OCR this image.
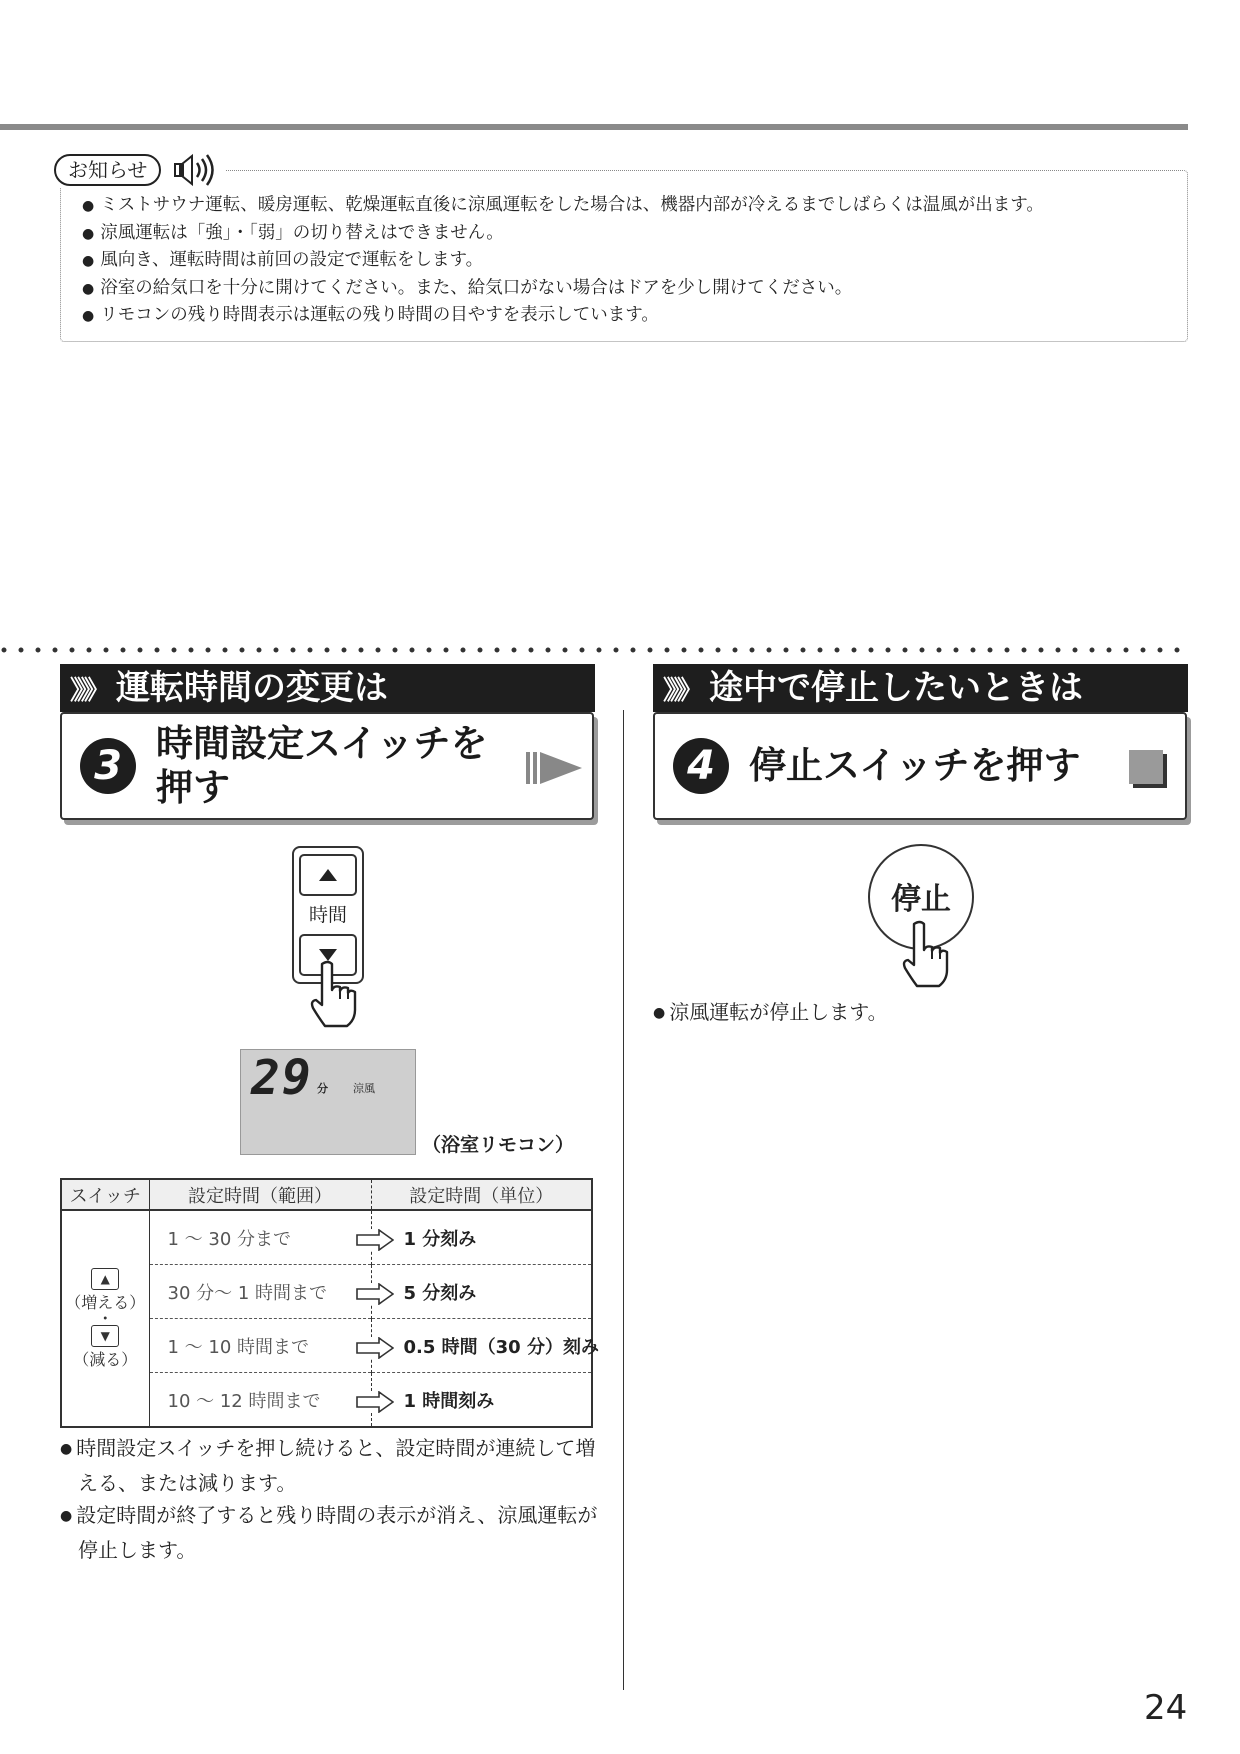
お知らせ
● ミストサウナ運転、暖房運転、乾燥運転直後に涼風運転をした場合は、機器内部が冷えるまでしばらくは温風が出ます。
● 涼風運転は「強」・「弱」の切り替えはできません。
● 風向き、運転時間は前回の設定で運転をします。
● 浴室の給気口を十分に開けてください。また、給気口がない場合はドアを少し開けてください。
● リモコンの残り時間表示は運転の残り時間の目やすを表示しています。
》》》 運転時間の変更は
3 時間設定スイッチを
押す
時間
29 分 涼風
（浴室リモコン）
スイッチ	設定時間（範囲）	設定時間（単位）
▲
（増える）
・
▼
（減る）	1 〜 30 分まで	1 分刻み
	30 分〜 1 時間まで	5 分刻み
	1 〜 10 時間まで	0.5 時間（30 分）刻み
	10 〜 12 時間まで	1 時間刻み
● 時間設定スイッチを押し続けると、設定時間が連続して増える、または減ります。
● 設定時間が終了すると残り時間の表示が消え、涼風運転が停止します。
》》》 途中で停止したいときは
4 停止スイッチを押す
停止
● 涼風運転が停止します。
24
